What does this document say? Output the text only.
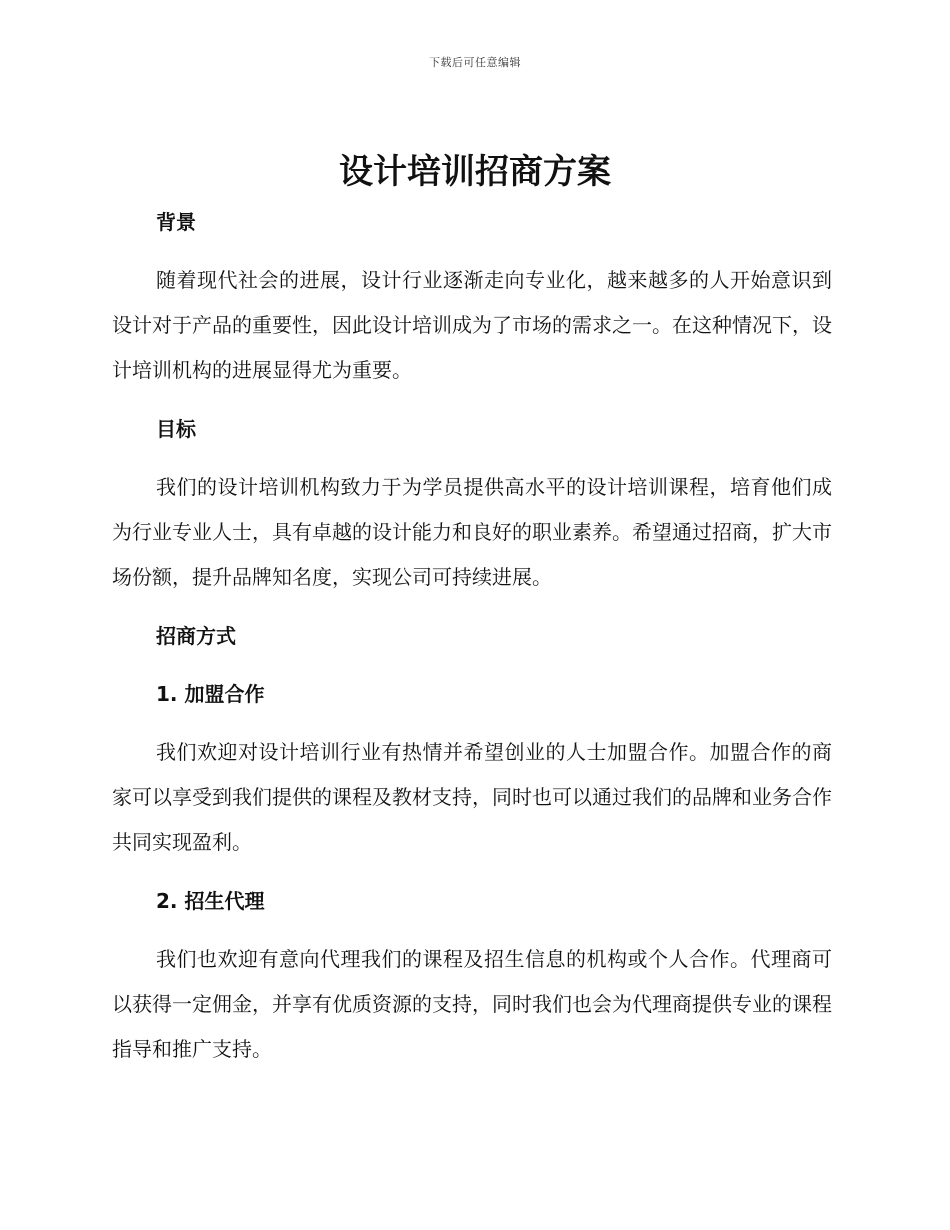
下载后可任意编辑
设计培训招商方案
背景

随着现代社会的进展，设计行业逐渐走向专业化，越来越多的人开始意识到设计对于产品的重要性，因此设计培训成为了市场的需求之一。在这种情况下，设计培训机构的进展显得尤为重要。

目标

我们的设计培训机构致力于为学员提供高水平的设计培训课程，培育他们成为行业专业人士，具有卓越的设计能力和良好的职业素养。希望通过招商，扩大市场份额，提升品牌知名度，实现公司可持续进展。

招商方式
1. 加盟合作

我们欢迎对设计培训行业有热情并希望创业的人士加盟合作。加盟合作的商家可以享受到我们提供的课程及教材支持，同时也可以通过我们的品牌和业务合作共同实现盈利。

2. 招生代理

我们也欢迎有意向代理我们的课程及招生信息的机构或个人合作。代理商可以获得一定佣金，并享有优质资源的支持，同时我们也会为代理商提供专业的课程指导和推广支持。
